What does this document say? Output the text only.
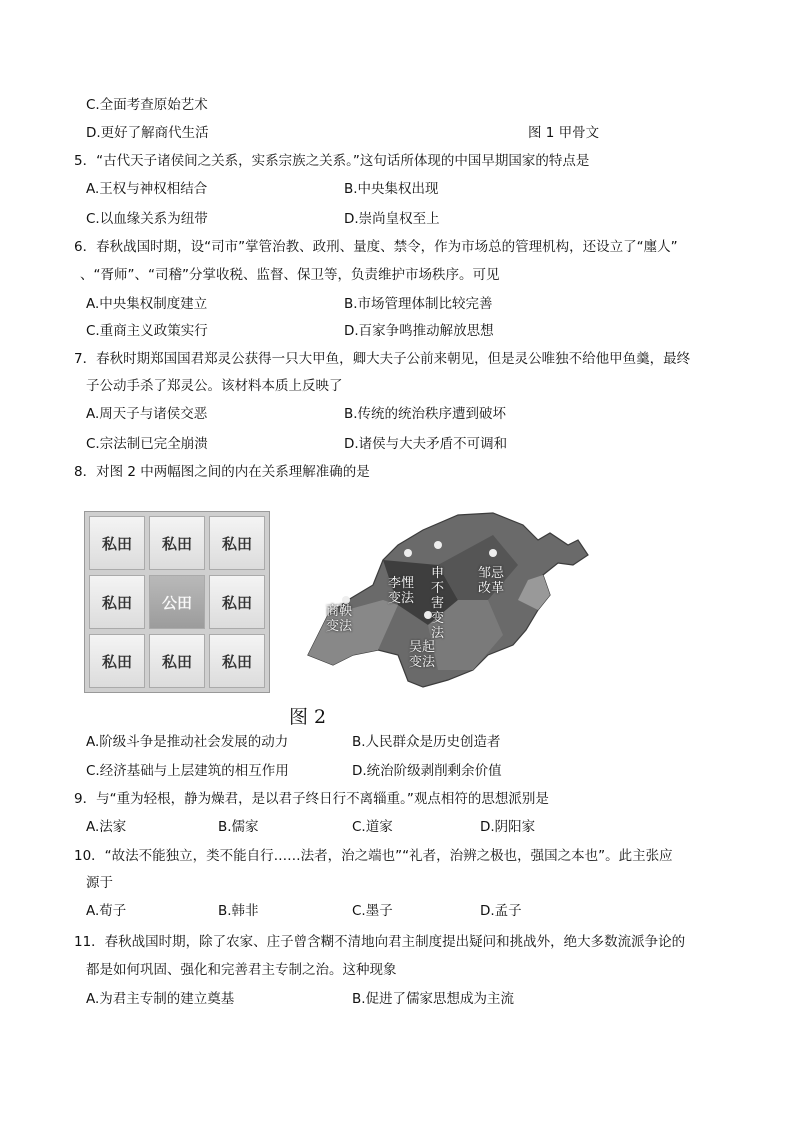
C.全面考查原始艺术
D.更好了解商代生活	图 1 甲骨文
5．“古代天子诸侯间之关系，实系宗族之关系。”这句话所体现的中国早期国家的特点是
A.王权与神权相结合	B.中央集权出现
C.以血缘关系为纽带	D.崇尚皇权至上
6．春秋战国时期，设“司市”掌管治教、政刑、量度、禁令，作为市场总的管理机构，还设立了“廛人”
、“胥师”、“司稽”分掌收税、监督、保卫等，负责维护市场秩序。可见
A.中央集权制度建立	B.市场管理体制比较完善
C.重商主义政策实行	D.百家争鸣推动解放思想
7．春秋时期郑国国君郑灵公获得一只大甲鱼，卿大夫子公前来朝见，但是灵公唯独不给他甲鱼羹，最终
子公动手杀了郑灵公。该材料本质上反映了
A.周天子与诸侯交恶	B.传统的统治秩序遭到破坏
C.宗法制已完全崩溃	D.诸侯与大夫矛盾不可调和
8．对图 2 中两幅图之间的内在关系理解准确的是
私田	私田	私田
私田	公田	私田
私田	私田	私田
商鞅
变法
李悝
变法
申不害变法
邹忌
改革
吴起
变法
图 2
A.阶级斗争是推动社会发展的动力	B.人民群众是历史创造者
C.经济基础与上层建筑的相互作用	D.统治阶级剥削剩余价值
9．与“重为轻根，静为燥君，是以君子终日行不离辎重。”观点相符的思想派别是
A.法家	B.儒家	C.道家	D.阴阳家
10．“故法不能独立，类不能自行……法者，治之端也”“礼者，治辨之极也，强国之本也”。此主张应
源于
A.荀子	B.韩非	C.墨子	D.孟子
11．春秋战国时期，除了农家、庄子曾含糊不清地向君主制度提出疑问和挑战外，绝大多数流派争论的
都是如何巩固、强化和完善君主专制之治。这种现象
A.为君主专制的建立奠基	B.促进了儒家思想成为主流
